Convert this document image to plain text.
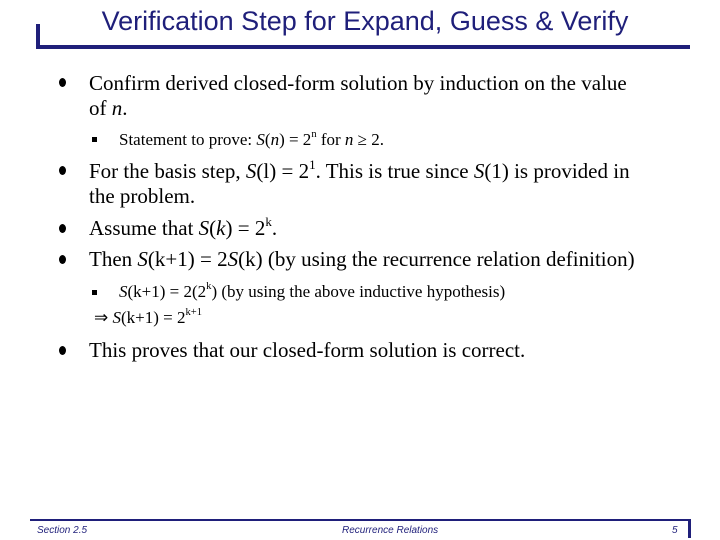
Verification Step for Expand, Guess & Verify
Confirm derived closed-form solution by induction on the value
of n.
Statement to prove: $S(n) = 2^n$ for n ≥ 2.
For the basis step, $S(l) = 2^1$. This is true since S(1) is provided in
the problem.
Assume that $S(k) = 2^k$.
Then S(k+1) = 2S(k) (by using the recurrence relation definition)
$S(k+1) = 2(2^k)$ (by using the above inductive hypothesis)
⇒ $S(k+1) = 2^{k+1}$
This proves that our closed-form solution is correct.
Section 2.5	Recurrence Relations	5
